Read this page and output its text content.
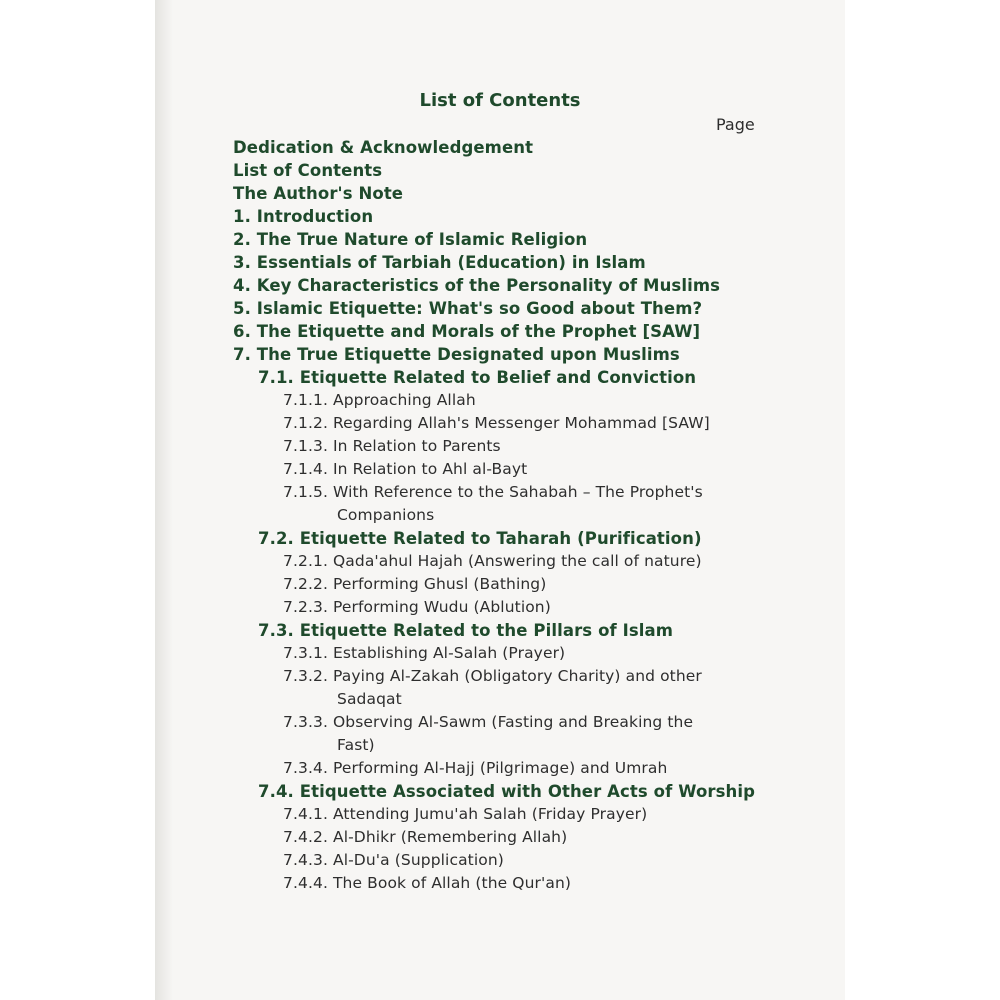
List of Contents
Page
Dedication & Acknowledgement
List of Contents
The Author's Note
1. Introduction
2. The True Nature of Islamic Religion
3. Essentials of Tarbiah (Education) in Islam
4. Key Characteristics of the Personality of Muslims
5. Islamic Etiquette: What's so Good about Them?
6. The Etiquette and Morals of the Prophet [SAW]
7. The True Etiquette Designated upon Muslims
7.1. Etiquette Related to Belief and Conviction
7.1.1. Approaching Allah
7.1.2. Regarding Allah's Messenger Mohammad [SAW]
7.1.3. In Relation to Parents
7.1.4. In Relation to Ahl al-Bayt
7.1.5. With Reference to the Sahabah – The Prophet's
Companions
7.2. Etiquette Related to Taharah (Purification)
7.2.1. Qada'ahul Hajah (Answering the call of nature)
7.2.2. Performing Ghusl (Bathing)
7.2.3. Performing Wudu (Ablution)
7.3. Etiquette Related to the Pillars of Islam
7.3.1. Establishing Al-Salah (Prayer)
7.3.2. Paying Al-Zakah (Obligatory Charity) and other
Sadaqat
7.3.3. Observing Al-Sawm (Fasting and Breaking the
Fast)
7.3.4. Performing Al-Hajj (Pilgrimage) and Umrah
7.4. Etiquette Associated with Other Acts of Worship
7.4.1. Attending Jumu'ah Salah (Friday Prayer)
7.4.2. Al-Dhikr (Remembering Allah)
7.4.3. Al-Du'a (Supplication)
7.4.4. The Book of Allah (the Qur'an)
